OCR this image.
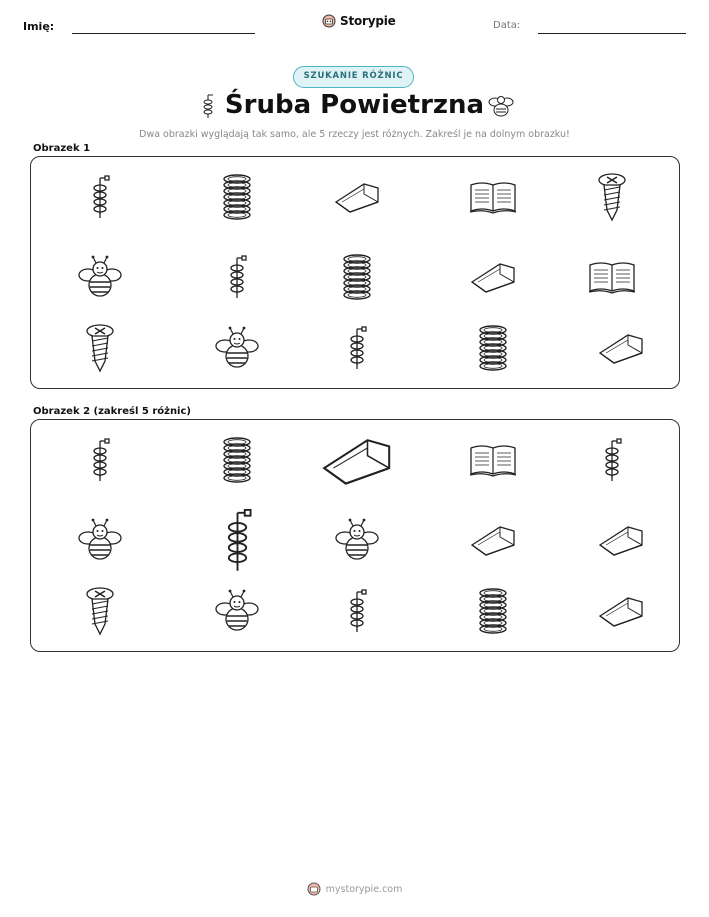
Imię:	Storypie	Data:
SZUKANIE RÓŻNIC
Śruba Powietrzna
Dwa obrazki wyglądają tak samo, ale 5 rzeczy jest różnych. Zakreśl je na dolnym obrazku!
Obrazek 1
Obrazek 2 (zakreśl 5 różnic)
mystorypie.com
